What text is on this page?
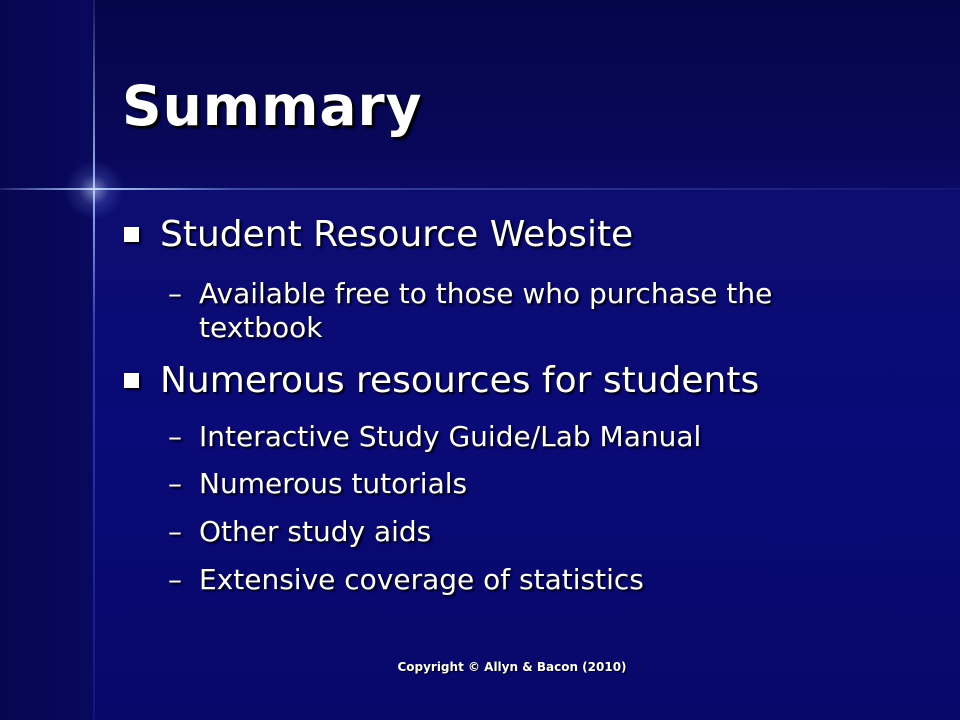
Summary
Student Resource Website
– Available free to those who purchase the textbook
Numerous resources for students
– Interactive Study Guide/Lab Manual
– Numerous tutorials
– Other study aids
– Extensive coverage of statistics
Copyright © Allyn & Bacon (2010)
